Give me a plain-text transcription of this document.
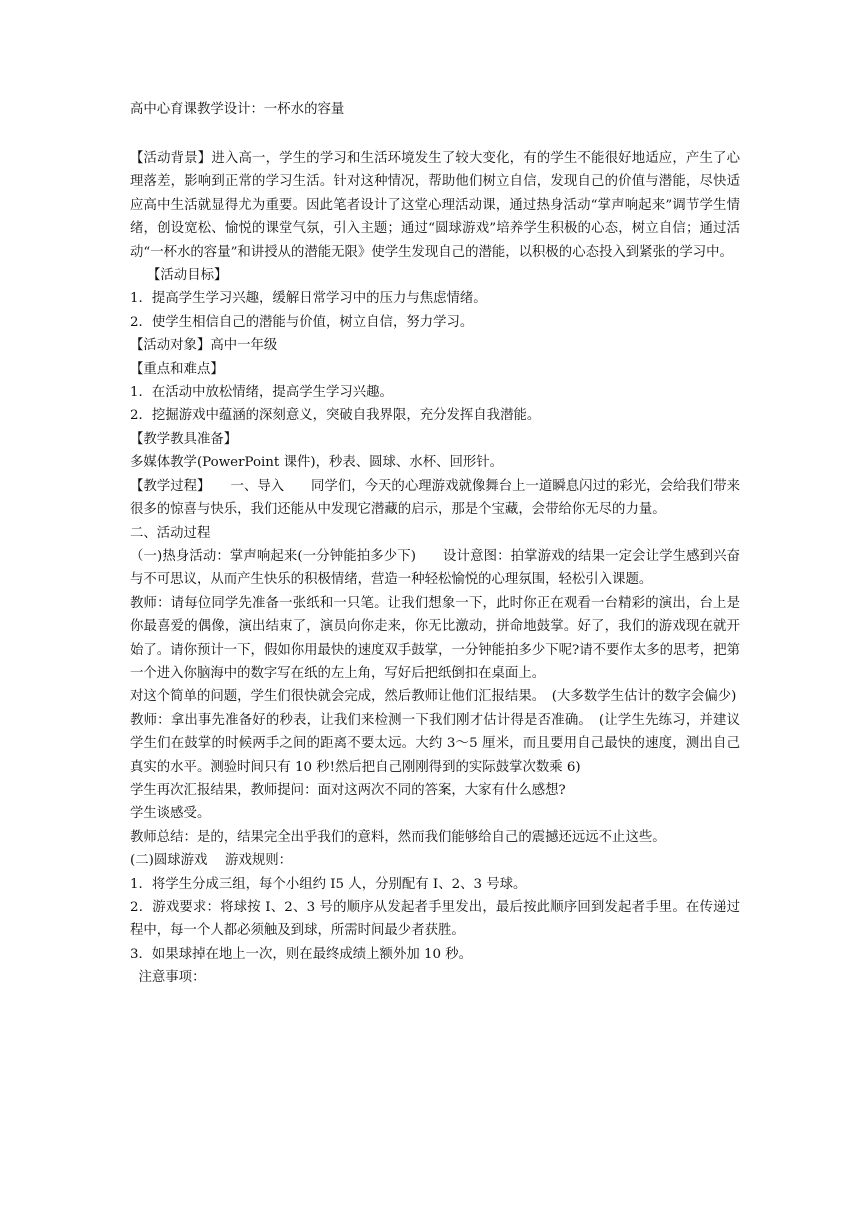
高中心育课教学设计：一杯水的容量

【活动背景】进入高一，学生的学习和生活环境发生了较大变化，有的学生不能很好地适应，产生了心理落差，影响到正常的学习生活。针对这种情况，帮助他们树立自信，发现自己的价值与潜能，尽快适应高中生活就显得尤为重要。因此笔者设计了这堂心理活动课，通过热身活动“掌声响起来”调节学生情绪，创设宽松、愉悦的课堂气氛，引入主题；通过“圆球游戏”培养学生积极的心态，树立自信；通过活动“一杯水的容量”和讲授从的潜能无限》使学生发现自己的潜能，以积极的心态投入到紧张的学习中。

【活动目标】

1．提高学生学习兴趣，缓解日常学习中的压力与焦虑情绪。

2．使学生相信自己的潜能与价值，树立自信，努力学习。

【活动对象】高中一年级

【重点和难点】

1．在活动中放松情绪，提高学生学习兴趣。

2．挖掘游戏中蕴涵的深刻意义，突破自我界限，充分发挥自我潜能。

【教学教具准备】

多媒体教学(PowerPoint 课件)，秒表、圆球、水杯、回形针。

【教学过程】　　一、导入　　同学们，今天的心理游戏就像舞台上一道瞬息闪过的彩光，会给我们带来很多的惊喜与快乐，我们还能从中发现它潜藏的启示，那是个宝藏，会带给你无尽的力量。

二、活动过程

（一)热身活动：掌声响起来(一分钟能拍多少下)　　设计意图：拍掌游戏的结果一定会让学生感到兴奋与不可思议，从而产生快乐的积极情绪，营造一种轻松愉悦的心理氛围，轻松引入课题。

教师：请每位同学先准备一张纸和一只笔。让我们想象一下，此时你正在观看一台精彩的演出，台上是你最喜爱的偶像，演出结束了，演员向你走来，你无比激动，拼命地鼓掌。好了，我们的游戏现在就开始了。请你预计一下，假如你用最快的速度双手鼓掌，一分钟能拍多少下呢?请不要作太多的思考，把第一个进入你脑海中的数字写在纸的左上角，写好后把纸倒扣在桌面上。

对这个简单的问题，学生们很快就会完成，然后教师让他们汇报结果。　(大多数学生估计的数字会偏少)

教师：拿出事先准备好的秒表，让我们来检测一下我们刚才估计得是否准确。　(让学生先练习，并建议学生们在鼓掌的时候两手之间的距离不要太远。大约 3～5 厘米，而且要用自己最快的速度，测出自己真实的水平。测验时间只有 10 秒!然后把自己刚刚得到的实际鼓掌次数乘 6)

学生再次汇报结果，教师提问：面对这两次不同的答案，大家有什么感想?

学生谈感受。

教师总结：是的，结果完全出乎我们的意料，然而我们能够给自己的震撼还远远不止这些。

(二)圆球游戏　 游戏规则：

1．将学生分成三组，每个小组约 I5 人，分别配有 I、2、3 号球。

2．游戏要求：将球按 I、2、3 号的顺序从发起者手里发出，最后按此顺序回到发起者手里。在传递过程中，每一个人都必须触及到球，所需时间最少者获胜。

3．如果球掉在地上一次，则在最终成绩上额外加 10 秒。

注意事项：
